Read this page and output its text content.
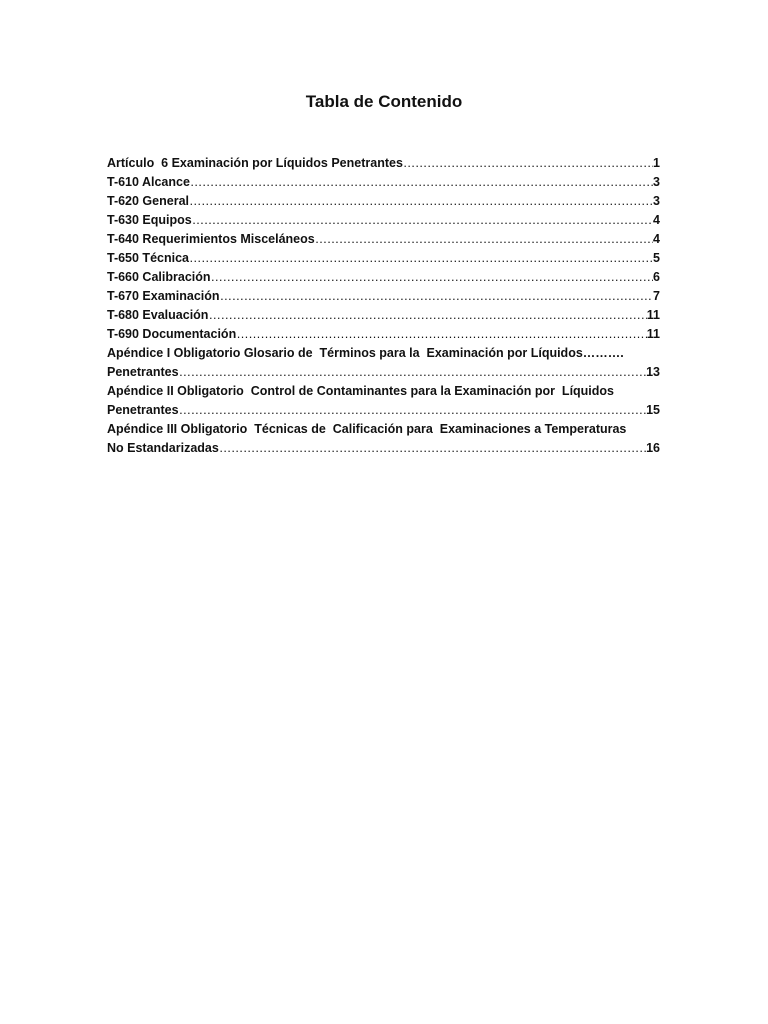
Tabla de Contenido
Artículo  6 Examinación por Líquidos Penetrantes ………………………………………………………………………………………………………………………………………………………………………………………………………………………………………………………………	1
T-610 Alcance ………………………………………………………………………………………………………………………………………………………………………………………………………………………………………………………………	3
T-620 General ………………………………………………………………………………………………………………………………………………………………………………………………………………………………………………………………	3
T-630 Equipos ………………………………………………………………………………………………………………………………………………………………………………………………………………………………………………………………	4
T-640 Requerimientos Misceláneos ………………………………………………………………………………………………………………………………………………………………………………………………………………………………………………………………	4
T-650 Técnica ………………………………………………………………………………………………………………………………………………………………………………………………………………………………………………………………	5
T-660 Calibración ………………………………………………………………………………………………………………………………………………………………………………………………………………………………………………………………	6
T-670 Examinación ………………………………………………………………………………………………………………………………………………………………………………………………………………………………………………………………	7
T-680 Evaluación ………………………………………………………………………………………………………………………………………………………………………………………………………………………………………………………………	11
T-690 Documentación ………………………………………………………………………………………………………………………………………………………………………………………………………………………………………………………………	11
Apéndice I Obligatorio Glosario de  Términos para la  Examinación por Líquidos……….
Penetrantes ………………………………………………………………………………………………………………………………………………………………………………………………………………………………………………………………	13
Apéndice II Obligatorio  Control de Contaminantes para la Examinación por  Líquidos
Penetrantes ………………………………………………………………………………………………………………………………………………………………………………………………………………………………………………………………	15
Apéndice III Obligatorio  Técnicas de  Calificación para  Examinaciones a Temperaturas
No Estandarizadas ………………………………………………………………………………………………………………………………………………………………………………………………………………………………………………………………	16
